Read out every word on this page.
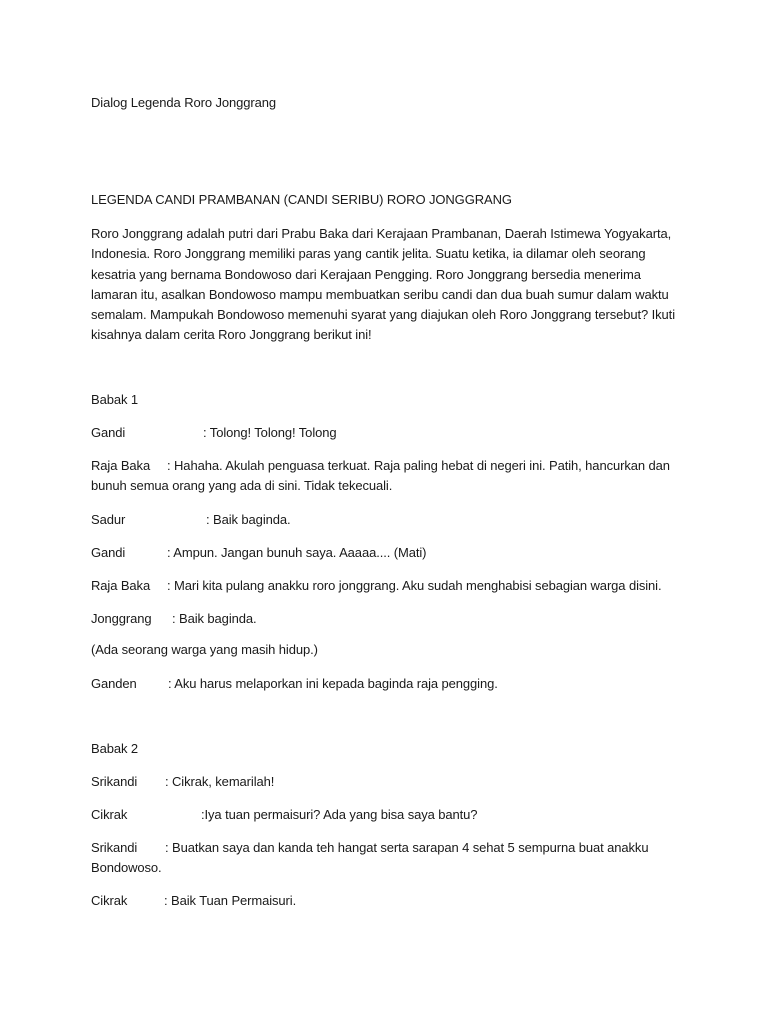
Dialog Legenda Roro Jonggrang
LEGENDA CANDI PRAMBANAN (CANDI SERIBU) RORO JONGGRANG

Roro Jonggrang adalah putri dari Prabu Baka dari Kerajaan Prambanan, Daerah Istimewa Yogyakarta, Indonesia. Roro Jonggrang memiliki paras yang cantik jelita. Suatu ketika, ia dilamar oleh seorang kesatria yang bernama Bondowoso dari Kerajaan Pengging. Roro Jonggrang bersedia menerima lamaran itu, asalkan Bondowoso mampu membuatkan seribu candi dan dua buah sumur dalam waktu semalam. Mampukah Bondowoso memenuhi syarat yang diajukan oleh Roro Jonggrang tersebut? Ikuti kisahnya dalam cerita Roro Jonggrang berikut ini!

Babak 1
Gandi	: Tolong! Tolong! Tolong
Raja Baka : Hahaha. Akulah penguasa terkuat. Raja paling hebat di negeri ini. Patih, hancurkan dan bunuh semua orang yang ada di sini. Tidak tekecuali.
Sadur	: Baik baginda.
Gandi	: Ampun. Jangan bunuh saya. Aaaaa.... (Mati)
Raja Baka : Mari kita pulang anakku roro jonggrang. Aku sudah menghabisi sebagian warga disini.
Jonggrang : Baik baginda.
(Ada seorang warga yang masih hidup.)
Ganden : Aku harus melaporkan ini kepada baginda raja pengging.
Babak 2
Srikandi : Cikrak, kemarilah!
Cikrak	:Iya tuan permaisuri? Ada yang bisa saya bantu?
Srikandi : Buatkan saya dan kanda teh hangat serta sarapan 4 sehat 5 sempurna buat anakku Bondowoso.
Cikrak	: Baik Tuan Permaisuri.
